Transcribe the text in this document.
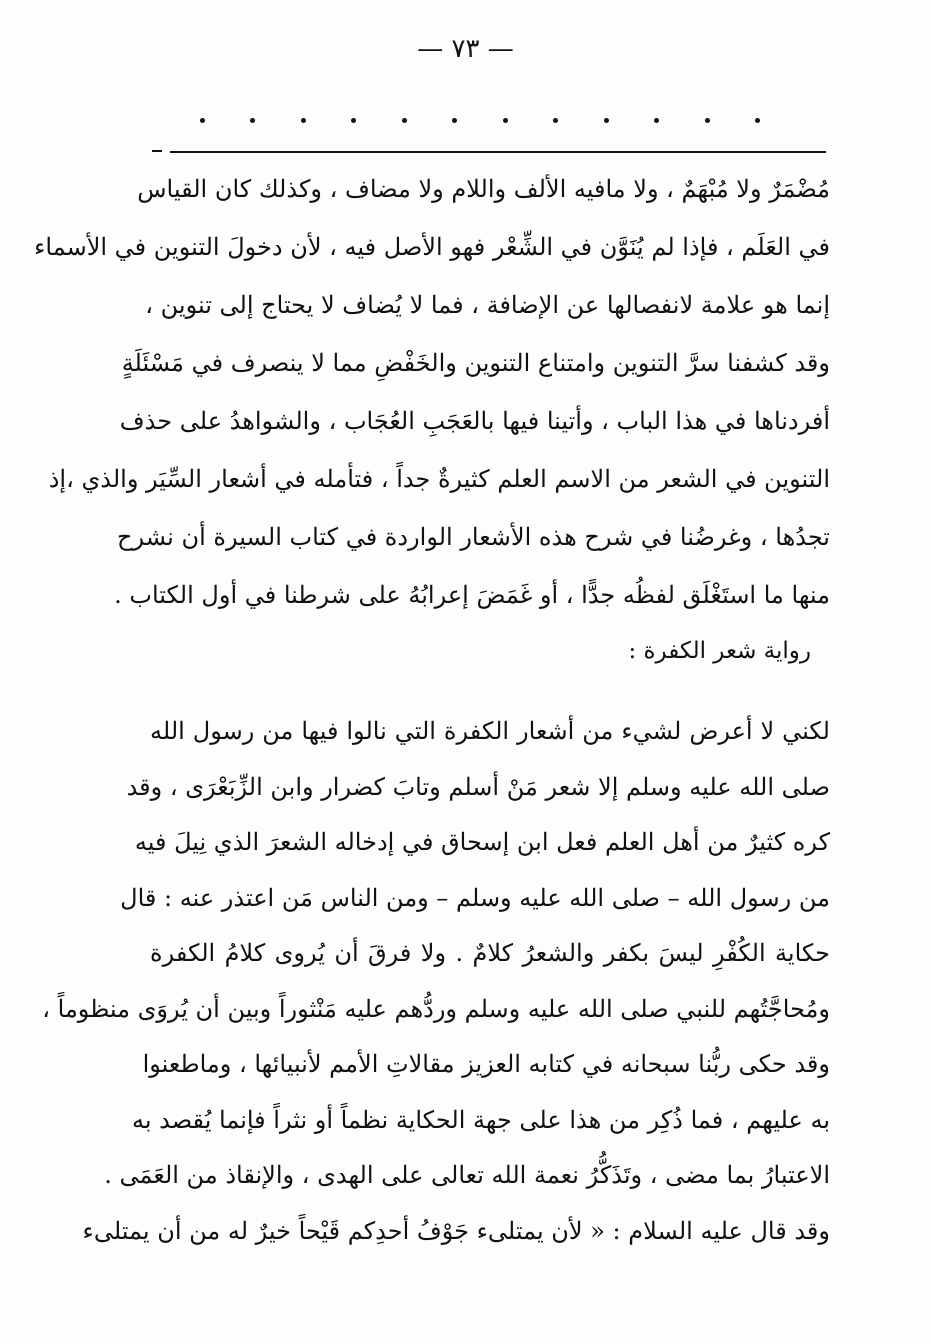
— ٧٣ —
مُضْمَرٌ ولا مُبْهَمٌ ، ولا مافيه الألف واللام ولا مضاف ، وكذلك كان القياس
في العَلَم ، فإذا لم يُنَوَّن في الشِّعْر فهو الأصل فيه ، لأن دخولَ التنوين في الأسماء
إنما هو علامة لانفصالها عن الإضافة ، فما لا يُضاف لا يحتاج إلى تنوين ،
وقد كشفنا سرَّ التنوين وامتناع التنوين والخَفْضِ مما لا ينصرف في مَسْئَلَةٍ
أفردناها في هذا الباب ، وأتينا فيها بالعَجَبِ العُجَاب ، والشواهدُ على حذف
التنوين في الشعر من الاسم العلم كثيرةٌ جداً ، فتأمله في أشعار السِّيَر والذي ،إذ
تجدُها ، وغرضُنا في شرح هذه الأشعار الواردة في كتاب السيرة أن نشرح
منها ما استَغْلَق لفظُه جدًّا ، أو غَمَضَ إعرابُهُ على شرطنا في أول الكتاب .
رواية شعر الكفرة :
لكني لا أعرض لشيء من أشعار الكفرة التي نالوا فيها من رسول الله
صلى الله عليه وسلم إلا شعر مَنْ أسلم وتابَ كضرار وابن الزِّبَعْرَى ، وقد
كره كثيرٌ من أهل العلم فعل ابن إسحاق في إدخاله الشعرَ الذي نِيلَ فيه
من رسول الله – صلى الله عليه وسلم – ومن الناس مَن اعتذر عنه : قال
حكاية الكُفْرِ ليسَ بكفر والشعرُ كلامٌ . ولا فرقَ أن يُروى كلامُ الكفرة
ومُحاجَّتُهم للنبي صلى الله عليه وسلم وردُّهم عليه مَنْثوراً وبين أن يُروَى منظوماً ،
وقد حكى ربُّنا سبحانه في كتابه العزيز مقالاتِ الأمم لأنبيائها ، وماطعنوا
به عليهم ، فما ذُكِر من هذا على جهة الحكاية نظماً أو نثراً فإنما يُقصد به
الاعتبارُ بما مضى ، وتَذَكُّرُ نعمة الله تعالى على الهدى ، والإنقاذ من العَمَى .
وقد قال عليه السلام : « لأن يمتلىء جَوْفُ أحدِكم قَيْحاً خيرٌ له من أن يمتلىء
